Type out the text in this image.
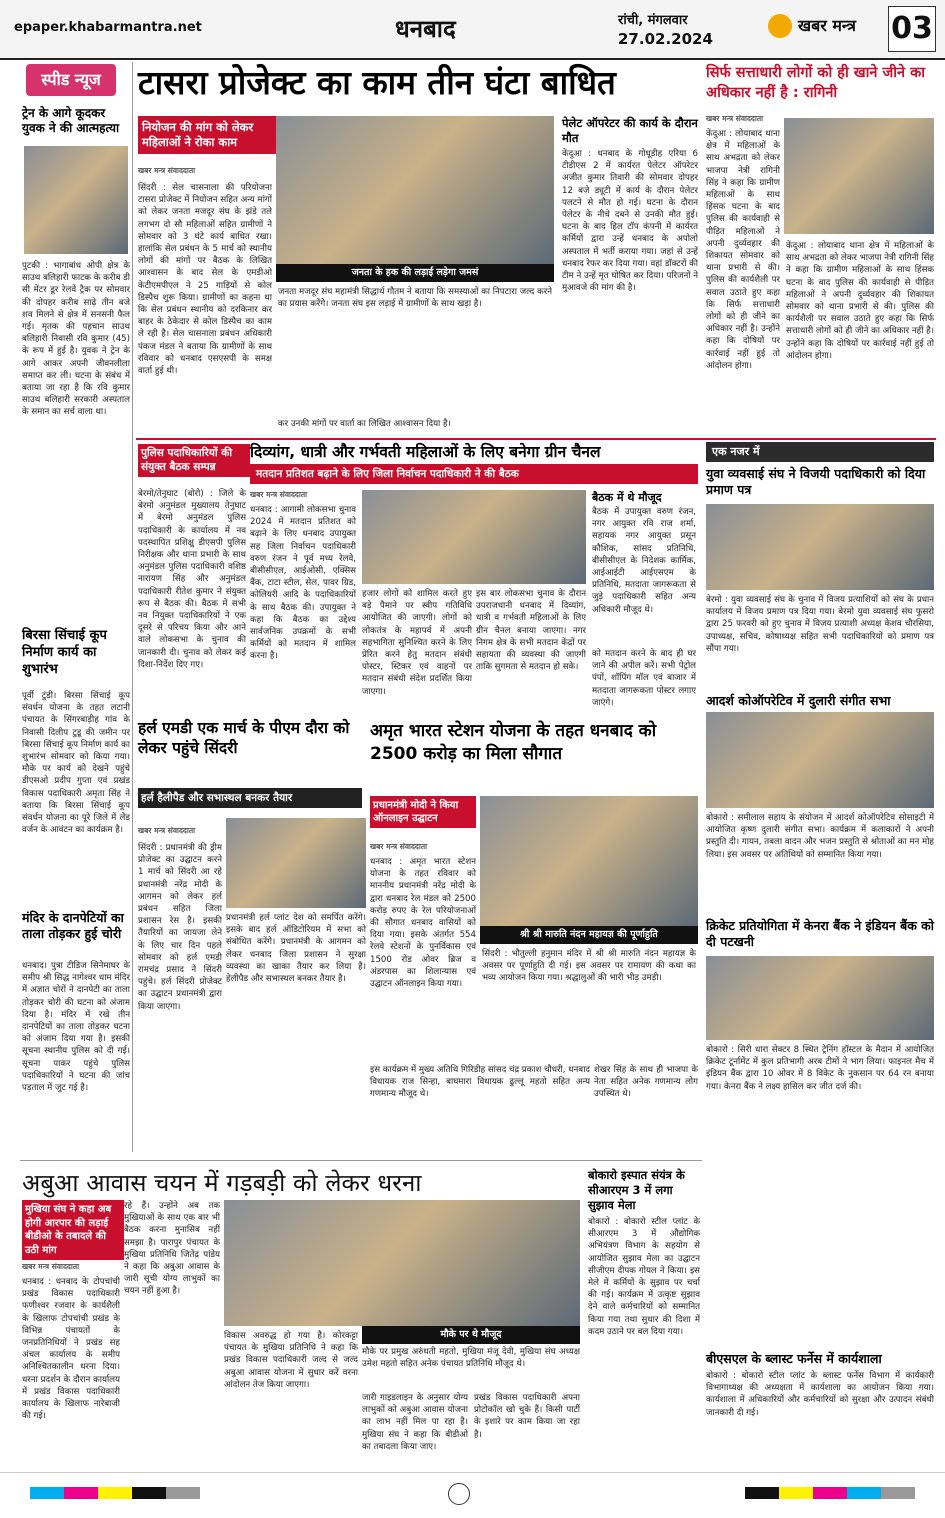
epaper.khabarmantra.net	धनबाद	रांची, मंगलवार
27.02.2024
खबर मन्त्र 03
स्पीड न्यूज
ट्रेन के आगे कूदकर युवक ने की आत्महत्या
पुटकी : भागाबांध ओपी क्षेत्र के साउथ बलिहारी फाटक के करीब डी सी मेंटर डूर रेलवे ट्रैक पर सोमवार की दोपहर करीब साढ़े तीन बजे शव मिलने से क्षेत्र में सनसनी फैल गई। मृतक की पहचान साउथ बलिहारी निवासी रवि कुमार (45) के रूप में हुई है। युवक ने ट्रेन के आगे आकर अपनी जीवनलीला समाप्त कर ली। घटना के संबंध में बताया जा रहा है कि रवि कुमार साउथ बलिहारी सरकारी अस्पताल के समान का सर्च वाला था।
बिरसा सिंचाई कूप निर्माण कार्य का शुभारंभ
पूर्वी टुंडी। बिरसा सिंचाई कूप संवर्धन योजना के तहत लटानी पंचायत के सिंगरबाड़ीह गांव के निवासी दिलीप टुडू की जमीन पर बिरसा सिंचाई कूप निर्माण कार्य का शुभारंभ सोमवार को किया गया। मौके पर कार्य को देखने पहुंचे डीएसओ प्रदीप गुप्ता एवं प्रखंड विकास पदाधिकारी अमृता सिंह ने बताया कि बिरसा सिंचाई कूप संवर्धन योजना का पूरे जिले में लेंड वर्जन के आवंटन का कार्यक्रम है।
मंदिर के दानपेटियों का ताला तोड़कर हुई चोरी
धनबाद। पुत्रा टीडिज सिनेमाघर के समीप श्री सिद्ध नागेश्वर धाम मंदिर में अज्ञात चोरों ने दानपेटी का ताला तोड़कर चोरी की घटना को अंजाम दिया है। मंदिर में रखे तीन दानपेटियों का ताला तोड़कर घटना को अंजाम दिया गया है। इसकी सूचना स्थानीय पुलिस को दी गई। सूचना पाकर पहुंचे पुलिस पदाधिकारियों ने घटना की जांच पड़ताल में जुट गई है।
टासरा प्रोजेक्ट का काम तीन घंटा बाधित
नियोजन की मांग को लेकर महिलाओं ने रोका काम
खबर मन्त्र संवाददाता
सिंदरी : सेल चासनाला की परियोजना टासरा प्रोजेक्ट में नियोजन सहित अन्य मांगों को लेकर जनता मजदूर संघ के झंडे तले लगभग दो सौ महिलाओं सहित ग्रामीणों ने सोमवार को 3 घंटे कार्य बाधित रखा। हालांकि सेल प्रबंधन के 5 मार्च को स्थानीय लोगों की मांगों पर बैठक के लिखित आश्वासन के बाद सेल के एमडीओ केटीएमपीएल ने 25 गाड़ियों से कोल डिस्पैच शुरू किया। ग्रामीणों का कहना था कि सेल प्रबंधन स्थानीय को दरकिनार कर बाहर के ठेकेदार से कोल डिस्पैच का काम ले रही है। सेल चासनाला प्रबंधन अधिकारी पंकज मंडल ने बताया कि ग्रामीणों के साथ रविवार को धनबाद एसएसपी के समक्ष वार्ता हुई थी।
जनता के हक की लड़ाई लड़ेगा जमसं
जनता मजदूर संघ महामंत्री सिद्धार्थ गौतम ने बताया कि समस्याओं का निपटारा जल्द करने का प्रयास करेंगे। जनता संघ इस लड़ाई में ग्रामीणों के साथ खड़ा है।
कर उनकी मांगों पर वार्ता का लिखित आश्वासन दिया है।
पेलेट ऑपरेटर की कार्य के दौरान मौत
केंदुआ : धनबाद के गोधूडीह एरिया 6 टीडीएस 2 में कार्यरत पेलेटर ऑपरेटर अजीत कुमार तिवारी की सोमवार दोपहर 12 बजे ड्यूटी में कार्य के दौरान पेलेटर पलटने से मौत हो गई। घटना के दौरान पेलेटर के नीचे दबने से उनकी मौत हुई। घटना के बाद हिल टॉप कंपनी में कार्यरत कर्मियों द्वारा उन्हें धनबाद के अपोलो अस्पताल में भर्ती कराया गया। जहां से उन्हें धनबाद रेफर कर दिया गया। वहां डॉक्टरों की टीम ने उन्हें मृत घोषित कर दिया। परिजनों ने मुआवजे की मांग की है।
सिर्फ सत्ताधारी लोगों को ही खाने जीने का अधिकार नहीं है : रागिनी
खबर मन्त्र संवाददाता
केंदुआ : लोयाबाद थाना क्षेत्र में महिलाओं के साथ अभद्रता को लेकर भाजपा नेत्री रागिनी सिंह ने कहा कि ग्रामीण महिलाओं के साथ हिंसक घटना के बाद पुलिस की कार्यवाही से पीड़ित महिलाओं ने अपनी दुर्व्यवहार की शिकायत सोमवार को थाना प्रभारी से की। पुलिस की कार्यशैली पर सवाल उठाते हुए कहा कि सिर्फ सत्ताधारी लोगों को ही जीने का अधिकार नहीं है। उन्होंने कहा कि दोषियों पर कार्रवाई नहीं हुई तो आंदोलन होगा।
केंदुआ : लोयाबाद थाना क्षेत्र में महिलाओं के साथ अभद्रता को लेकर भाजपा नेत्री रागिनी सिंह ने कहा कि ग्रामीण महिलाओं के साथ हिंसक घटना के बाद पुलिस की कार्यवाही से पीड़ित महिलाओं ने अपनी दुर्व्यवहार की शिकायत सोमवार को थाना प्रभारी से की। पुलिस की कार्यशैली पर सवाल उठाते हुए कहा कि सिर्फ सत्ताधारी लोगों को ही जीने का अधिकार नहीं है। उन्होंने कहा कि दोषियों पर कार्रवाई नहीं हुई तो आंदोलन होगा।
पुलिस पदाधिकारियों की संयुक्त बैठक सम्पन्न
बेरमो/तेनुघाट (बोरो) : जिले के बेरमो अनुमंडल मुख्यालय तेनुघाट में बेरमो अनुमंडल पुलिस पदाधिकारी के कार्यालय में नव पदस्थापित प्रशिक्षु डीएसपी पुलिस निरीक्षक और थाना प्रभारी के साथ अनुमंडल पुलिस पदाधिकारी वशिष्ठ नारायण सिंह और अनुमंडल पदाधिकारी रीतेश कुमार ने संयुक्त रूप से बैठक की। बैठक में सभी नव नियुक्त पदाधिकारियों ने एक दूसरे से परिचय किया और आने वाले लोकसभा के चुनाव की जानकारी दी। चुनाव को लेकर कई दिशा-निर्देश दिए गए।
दिव्यांग, धात्री और गर्भवती महिलाओं के लिए बनेगा ग्रीन चैनल
मतदान प्रतिशत बढ़ाने के लिए जिला निर्वाचन पदाधिकारी ने की बैठक
खबर मन्त्र संवाददाता
धनबाद : आगामी लोकसभा चुनाव 2024 में मतदान प्रतिशत को बढ़ाने के लिए धनबाद उपायुक्त सह जिला निर्वाचन पदाधिकारी वरुण रंजन ने पूर्व मध्य रेलवे, बीसीसीएल, आईओसी, एक्सिस बैंक, टाटा स्टील, सेल, पावर ग्रिड, कोलियरी आदि के पदाधिकारियों के साथ बैठक की। उपायुक्त ने कहा कि बैठक का उद्देश्य सार्वजनिक उपक्रमों के सभी कर्मियों को मतदान में शामिल करना है।
हजार लोगों को शामिल करते हुए बड़े पैमाने पर स्वीप गतिविधि आयोजित की जाएगी। लोगों को लोकतंत्र के महापर्व में अपनी सहभागिता सुनिश्चित करने के लिए प्रेरित करने हेतु मतदान संबंधी पोस्टर, स्टिकर एवं वाहनों पर मतदान संबंधी संदेश प्रदर्शित किया जाएगा।
इस बार लोकसभा चुनाव के दौरान उपराजधानी धनबाद में दिव्यांग, धात्री व गर्भवती महिलाओं के लिए ग्रीन चैनल बनाया जाएगा। नगर निगम क्षेत्र के सभी मतदान केंद्रों पर सहायता की व्यवस्था की जाएगी ताकि सुगमता से मतदान हो सके।
बैठक में थे मौजूद
बैठक में उपायुक्त वरुण रंजन, नगर आयुक्त रवि राज शर्मा, सहायक नगर आयुक्त प्रसून कौशिक, सांसद प्रतिनिधि, बीसीसीएल के निदेशक कार्मिक, आईआईटी आईएसएम के प्रतिनिधि, मतदाता जागरूकता से जुड़े पदाधिकारी सहित अन्य अधिकारी मौजूद थे।
को मतदान करने के बाद ही घर जाने की अपील करें। सभी पेट्रोल पंपों, शॉपिंग मॉल एवं बाजार में मतदाता जागरूकता पोस्टर लगाए जाएंगे।
हर्ल एमडी एक मार्च के पीएम दौरा को लेकर पहुंचे सिंदरी
हर्ल हैलीपैड और सभास्थल बनकर तैयार
खबर मन्त्र संवाददाता
सिंदरी : प्रधानमंत्री की ड्रीम प्रोजेक्ट का उद्घाटन करने 1 मार्च को सिंदरी आ रहे प्रधानमंत्री नरेंद्र मोदी के आगमन को लेकर हर्ल प्रबंधन सहित जिला प्रशासन रेस है। इसकी तैयारियों का जायजा लेने के लिए चार दिन पहले सोमवार को हर्ल एमडी रामचंद्र प्रसाद ने सिंदरी पहुंचे। हर्ल सिंदरी प्रोजेक्ट का उद्घाटन प्रधानमंत्री द्वारा किया जाएगा।
प्रधानमंत्री हर्ल प्लांट देश को समर्पित करेंगे। इसके बाद हर्ल ऑडिटोरियम में सभा को संबोधित करेंगे। प्रधानमंत्री के आगमन को लेकर धनबाद जिला प्रशासन ने सुरक्षा व्यवस्था का खाका तैयार कर लिया है। हेलीपैड और सभास्थल बनकर तैयार है।
अमृत भारत स्टेशन योजना के तहत धनबाद को 2500 करोड़ का मिला सौगात
प्रधानमंत्री मोदी ने किया ऑनलाइन उद्घाटन
खबर मन्त्र संवाददाता
धनबाद : अमृत भारत स्टेशन योजना के तहत रविवार को माननीय प्रधानमंत्री नरेंद्र मोदी के द्वारा धनबाद रेल मंडल को 2500 करोड़ रुपए के रेल परियोजनाओं की सौगात धनबाद वासियों को दिया गया। इसके अंतर्गत 554 रेलवे स्टेशनों के पुनर्विकास एवं 1500 रोड ओवर ब्रिज व अंडरपास का शिलान्यास एवं उद्घाटन ऑनलाइन किया गया।
श्री श्री मारुति नंदन महायज्ञ की पूर्णाहुति
सिंदरी : भौतुल्ली हनुमान मंदिर में श्री श्री मारुति नंदन महायज्ञ के अवसर पर पूर्णाहुति दी गई। इस अवसर पर रामायण की कथा का भव्य आयोजन किया गया। श्रद्धालुओं की भारी भीड़ उमड़ी।
इस कार्यक्रम में मुख्य अतिथि गिरिडीह सांसद चंद्र प्रकाश चौधरी, धनबाद विधायक राज सिन्हा, बाघमारा विधायक ढुल्लू महतो सहित अन्य गणमान्य मौजूद थे।
शेखर सिंह के साथ ही भाजपा के नेता सहित अनेक गणमान्य लोग उपस्थित थे।
एक नजर में
युवा व्यवसाई संघ ने विजयी पदाधिकारी को दिया प्रमाण पत्र
बेरमो : युवा व्यवसाई संघ के चुनाव में विजय प्रत्याशियों को संघ के प्रधान कार्यालय में विजय प्रमाण पत्र दिया गया। बेरमो युवा व्यवसाई संघ फुसरो द्वारा 25 फरवरी को हुए चुनाव में विजय प्रत्याशी अध्यक्ष केशव चौरसिया, उपाध्यक्ष, सचिव, कोषाध्यक्ष सहित सभी पदाधिकारियों को प्रमाण पत्र सौंपा गया।
आदर्श कोऑपरेटिव में दुलारी संगीत सभा
बोकारो : समीलाल सहाय के संयोजन में आदर्श कोऑपरेटिव सोसाइटी में आयोजित कृष्ण दुलारी संगीत सभा। कार्यक्रम में कलाकारों ने अपनी प्रस्तुति दी। गायन, तबला वादन और भजन प्रस्तुति से श्रोताओं का मन मोह लिया। इस अवसर पर अतिथियों को सम्मानित किया गया।
क्रिकेट प्रतियोगिता में केनरा बैंक ने इंडियन बैंक को दी पटखनी
बोकारो : सिरी धारा सेक्टर 8 स्थित ट्रेनिंग हॉस्टल के मैदान में आयोजित क्रिकेट टूर्नामेंट में कुल प्रतिभागी अरब टीमों ने भाग लिया। फाइनल मैच में इंडियन बैंक द्वारा 10 ओवर में 8 विकेट के नुकसान पर 64 रन बनाया गया। केनरा बैंक ने लक्ष्य हासिल कर जीत दर्ज की।
बीएसएल के ब्लास्ट फर्नेस में कार्यशाला
बोकारो : बोकारो स्टील प्लांट के ब्लास्ट फर्नेस विभाग में कार्यकारी विभागाध्यक्ष की अध्यक्षता में कार्यशाला का आयोजन किया गया। कार्यशाला में अधिकारियों और कर्मचारियों को सुरक्षा और उत्पादन संबंधी जानकारी दी गई।
अबुआ आवास चयन में गड़बड़ी को लेकर धरना
मुखिया संघ ने कहा अब होगी आरपार की लड़ाई बीडीओ के तबादले की उठी मांग
खबर मन्त्र संवाददाता
धनबाद : धनबाद के टोपचांची प्रखंड विकास पदाधिकारी फणीश्वर रजवार के कार्यशैली के खिलाफ टोपचांची प्रखंड के विभिन्न पंचायतों के जनप्रतिनिधियों ने प्रखंड सह अंचल कार्यालय के समीप अनिश्चितकालीन धरना दिया। धरना प्रदर्शन के दौरान कार्यालय में प्रखंड विकास पदाधिकारी कार्यालय के खिलाफ नारेबाजी की गई।
रहे हैं। उन्होंने अब तक मुखियाओं के साथ एक बार भी बैठक करना मुनासिब नहीं समझा है। पारापुर पंचायत के मुखिया प्रतिनिधि जितेंद्र पांडेय ने कहा कि अबुआ आवास के जारी सूची योग्य लाभुकों का चयन नहीं हुआ है।
मौके पर थे मौजूद
मौके पर प्रमुख अरुंधती महतो, मुखिया मंजू देवी, मुखिया संघ अध्यक्ष उमेश महतो सहित अनेक पंचायत प्रतिनिधि मौजूद थे।
विकास अवरुद्ध हो गया है। कोरकट्टा पंचायत के मुखिया प्रतिनिधि ने कहा कि प्रखंड विकास पदाधिकारी जल्द से जल्द अबुआ आवास योजना में सुधार करें वरना आंदोलन तेज किया जाएगा।
जारी गाइडलाइन के अनुसार योग्य लाभुकों को अबुआ आवास योजना का लाभ नहीं मिल पा रहा है। मुखिया संघ ने कहा कि बीडीओ का तबादला किया जाए।
प्रखंड विकास पदाधिकारी अपना प्रोटोकॉल खो चुके हैं। किसी पार्टी के इशारे पर काम किया जा रहा है।
बोकारो इस्पात संयंत्र के सीआरएम 3 में लगा सुझाव मेला
बोकारो : बोकारो स्टील प्लांट के सीआरएम 3 में औद्योगिक अभियंत्रण विभाग के सहयोग से आयोजित सुझाव मेला का उद्घाटन सीजीएम दीपक गोयल ने किया। इस मेले में कर्मियों के सुझाव पर चर्चा की गई। कार्यक्रम में उत्कृष्ट सुझाव देने वाले कर्मचारियों को सम्मानित किया गया तथा सुधार की दिशा में कदम उठाने पर बल दिया गया।
